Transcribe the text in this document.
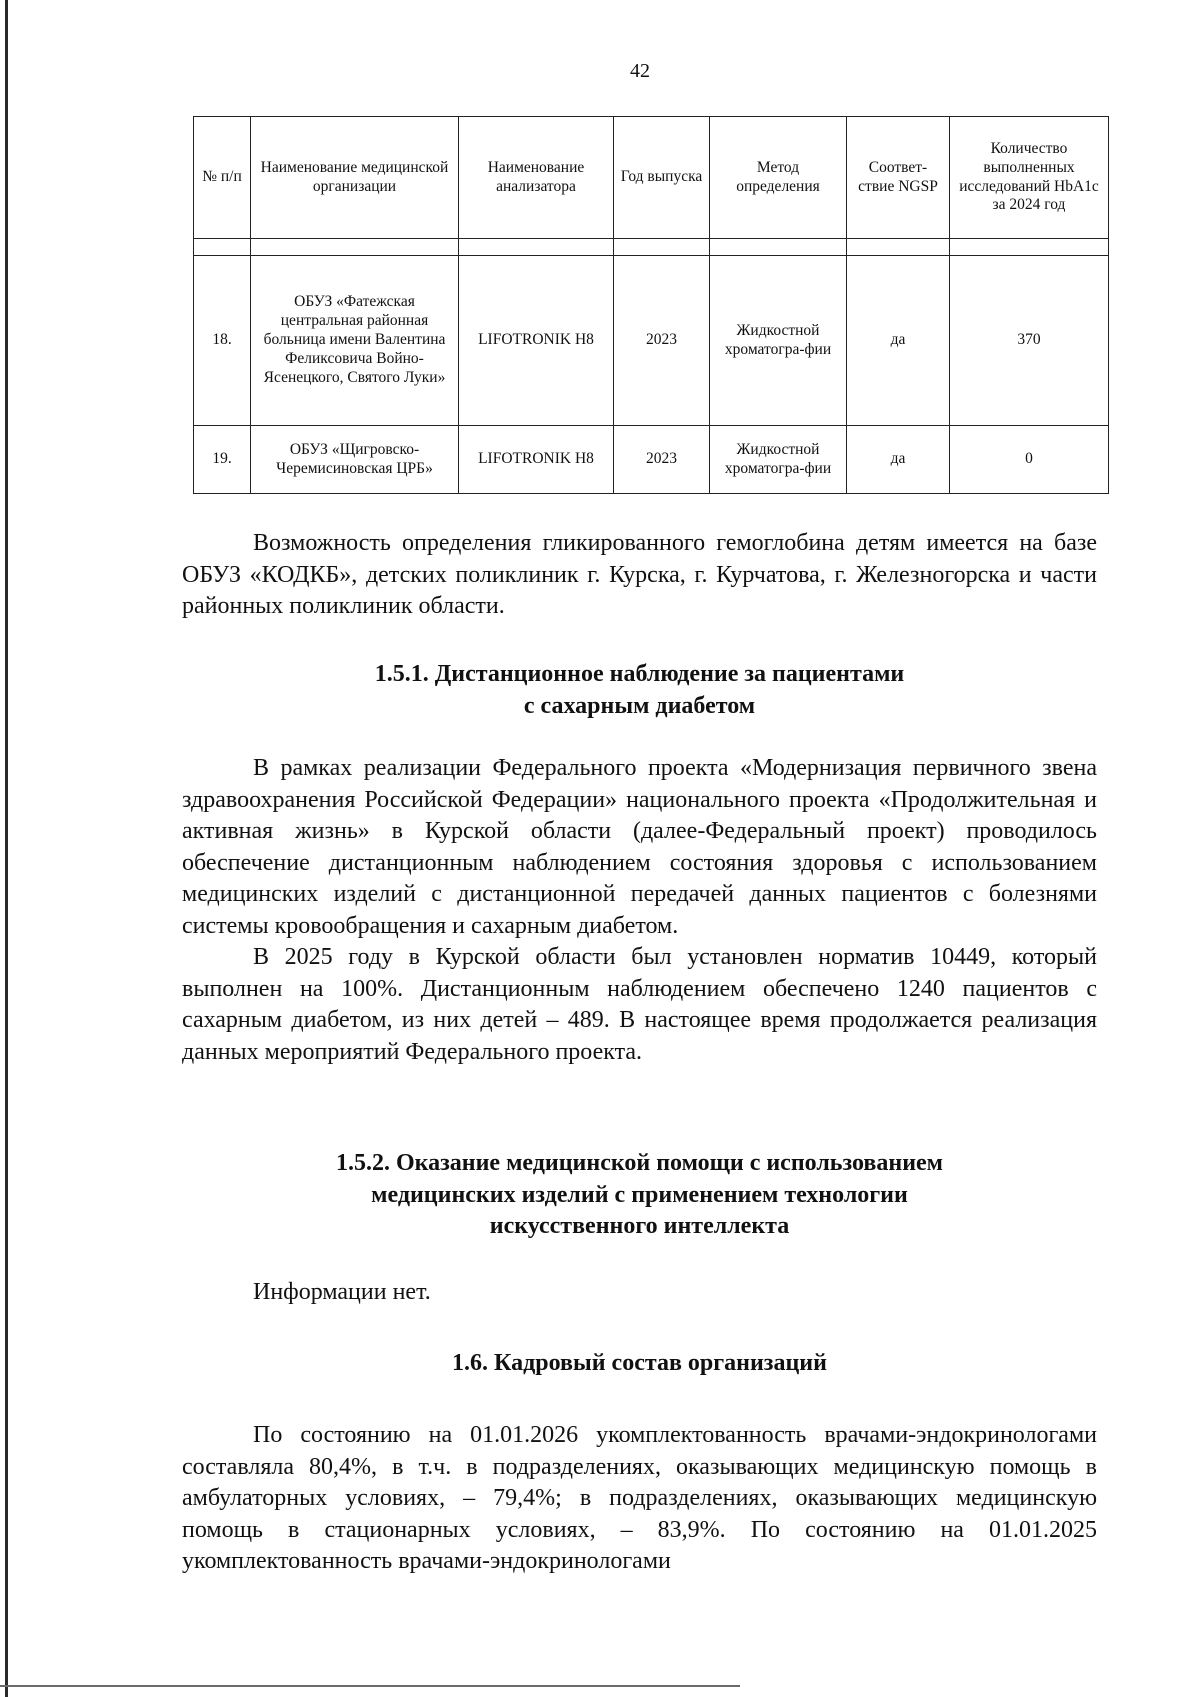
42
№ п/п	Наименование медицинской организации	Наименование анализатора	Год выпуска	Метод определения	Соответ-ствие NGSP	Количество выполненных исследований HbA1c за 2024 год

18.	ОБУЗ «Фатежская центральная районная больница имени Валентина Феликсовича Войно-Ясенецкого, Святого Луки»	LIFOTRONIK H8	2023	Жидкостной хроматогра-фии	да	370
19.	ОБУЗ «Щигровско-Черемисиновская ЦРБ»	LIFOTRONIK H8	2023	Жидкостной хроматогра-фии	да	0

Возможность определения гликированного гемоглобина детям имеется на базе ОБУЗ «КОДКБ», детских поликлиник г. Курска, г. Курчатова, г. Железногорска и части районных поликлиник области.

1.5.1. Дистанционное наблюдение за пациентами
с сахарным диабетом

В рамках реализации Федерального проекта «Модернизация первичного звена здравоохранения Российской Федерации» национального проекта «Продолжительная и активная жизнь» в Курской области (далее-Федеральный проект) проводилось обеспечение дистанционным наблюдением состояния здоровья с использованием медицинских изделий с дистанционной передачей данных пациентов с болезнями системы кровообращения и сахарным диабетом.

В 2025 году в Курской области был установлен норматив 10449, который выполнен на 100%. Дистанционным наблюдением обеспечено 1240 пациентов с сахарным диабетом, из них детей – 489. В настоящее время продолжается реализация данных мероприятий Федерального проекта.

1.5.2. Оказание медицинской помощи с использованием
медицинских изделий с применением технологии
искусственного интеллекта

Информации нет.

1.6. Кадровый состав организаций

По состоянию на 01.01.2026 укомплектованность врачами-эндокринологами составляла 80,4%, в т.ч. в подразделениях, оказывающих медицинскую помощь в амбулаторных условиях, – 79,4%; в подразделениях, оказывающих медицинскую помощь в стационарных условиях, – 83,9%. По состоянию на 01.01.2025 укомплектованность врачами-эндокринологами
